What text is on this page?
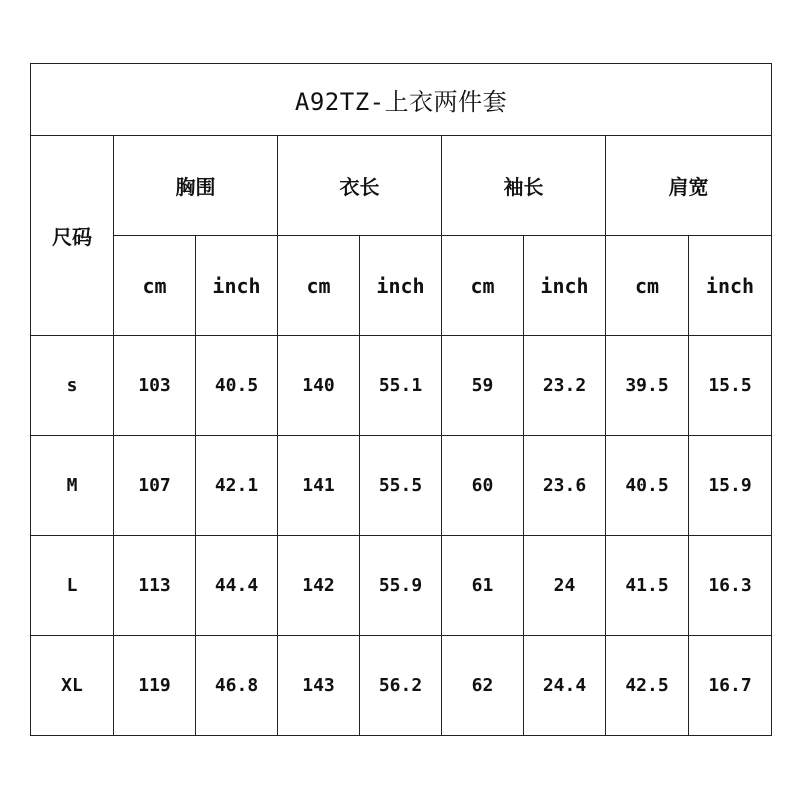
A92TZ-上衣两件套								
尺码	胸围		衣长		袖长		肩宽	
	cm	inch	cm	inch	cm	inch	cm	inch
s	103	40.5	140	55.1	59	23.2	39.5	15.5
M	107	42.1	141	55.5	60	23.6	40.5	15.9
L	113	44.4	142	55.9	61	24	41.5	16.3
XL	119	46.8	143	56.2	62	24.4	42.5	16.7
